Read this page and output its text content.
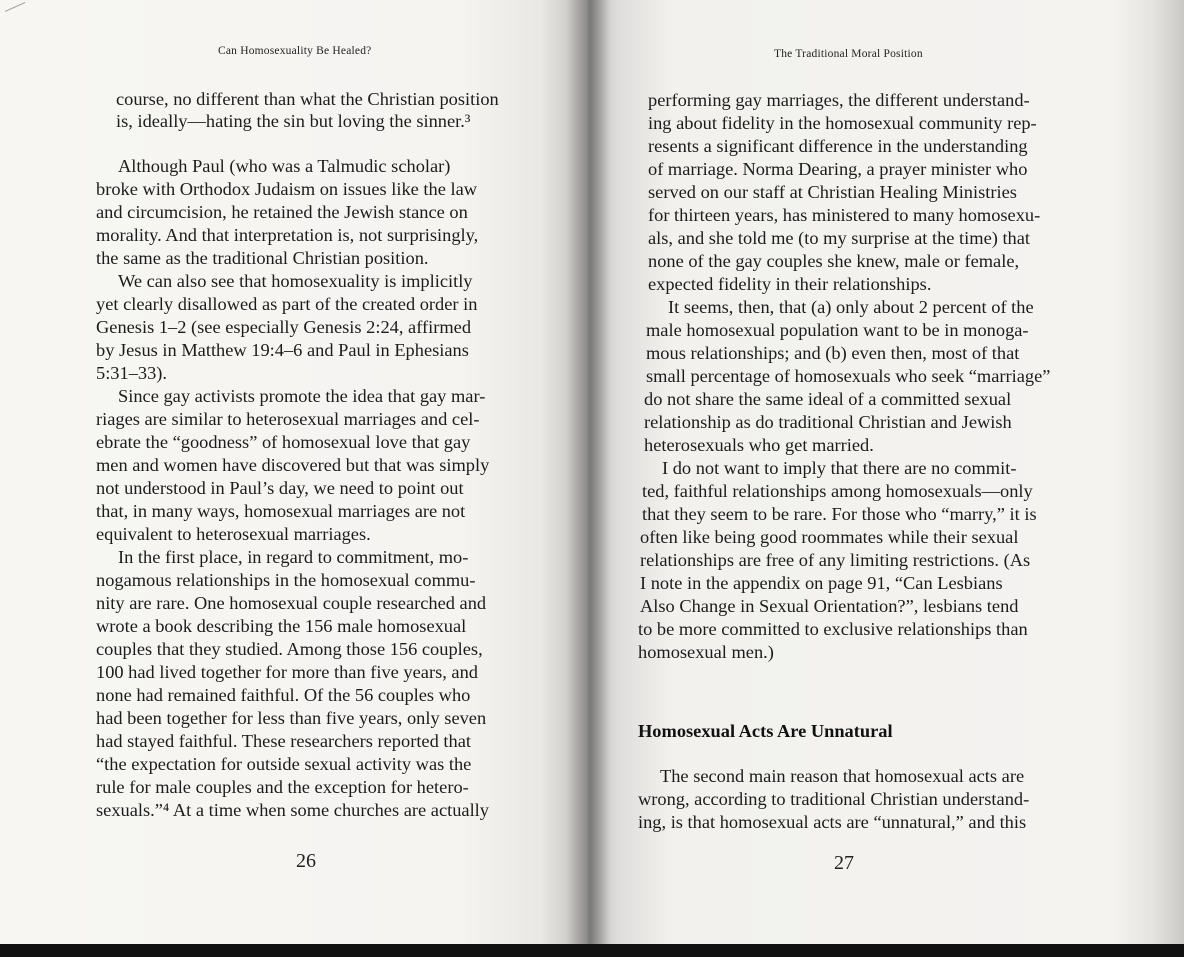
Can Homosexuality Be Healed?
course, no different than what the Christian position
is, ideally—hating the sin but loving the sinner.³
Although Paul (who was a Talmudic scholar)
broke with Orthodox Judaism on issues like the law
and circumcision, he retained the Jewish stance on
morality. And that interpretation is, not surprisingly,
the same as the traditional Christian position.
We can also see that homosexuality is implicitly
yet clearly disallowed as part of the created order in
Genesis 1–2 (see especially Genesis 2:24, affirmed
by Jesus in Matthew 19:4–6 and Paul in Ephesians
5:31–33).
Since gay activists promote the idea that gay mar-
riages are similar to heterosexual marriages and cel-
ebrate the “goodness” of homosexual love that gay
men and women have discovered but that was simply
not understood in Paul’s day, we need to point out
that, in many ways, homosexual marriages are not
equivalent to heterosexual marriages.
In the first place, in regard to commitment, mo-
nogamous relationships in the homosexual commu-
nity are rare. One homosexual couple researched and
wrote a book describing the 156 male homosexual
couples that they studied. Among those 156 couples,
100 had lived together for more than five years, and
none had remained faithful. Of the 56 couples who
had been together for less than five years, only seven
had stayed faithful. These researchers reported that
“the expectation for outside sexual activity was the
rule for male couples and the exception for hetero-
sexuals.”⁴ At a time when some churches are actually
26
The Traditional Moral Position
performing gay marriages, the different understand-
ing about fidelity in the homosexual community rep-
resents a significant difference in the understanding
of marriage. Norma Dearing, a prayer minister who
served on our staff at Christian Healing Ministries
for thirteen years, has ministered to many homosexu-
als, and she told me (to my surprise at the time) that
none of the gay couples she knew, male or female,
expected fidelity in their relationships.
It seems, then, that (a) only about 2 percent of the
male homosexual population want to be in monoga-
mous relationships; and (b) even then, most of that
small percentage of homosexuals who seek “marriage”
do not share the same ideal of a committed sexual
relationship as do traditional Christian and Jewish
heterosexuals who get married.
I do not want to imply that there are no commit-
ted, faithful relationships among homosexuals—only
that they seem to be rare. For those who “marry,” it is
often like being good roommates while their sexual
relationships are free of any limiting restrictions. (As
I note in the appendix on page 91, “Can Lesbians
Also Change in Sexual Orientation?”, lesbians tend
to be more committed to exclusive relationships than
homosexual men.)
Homosexual Acts Are Unnatural
The second main reason that homosexual acts are
wrong, according to traditional Christian understand-
ing, is that homosexual acts are “unnatural,” and this
27
